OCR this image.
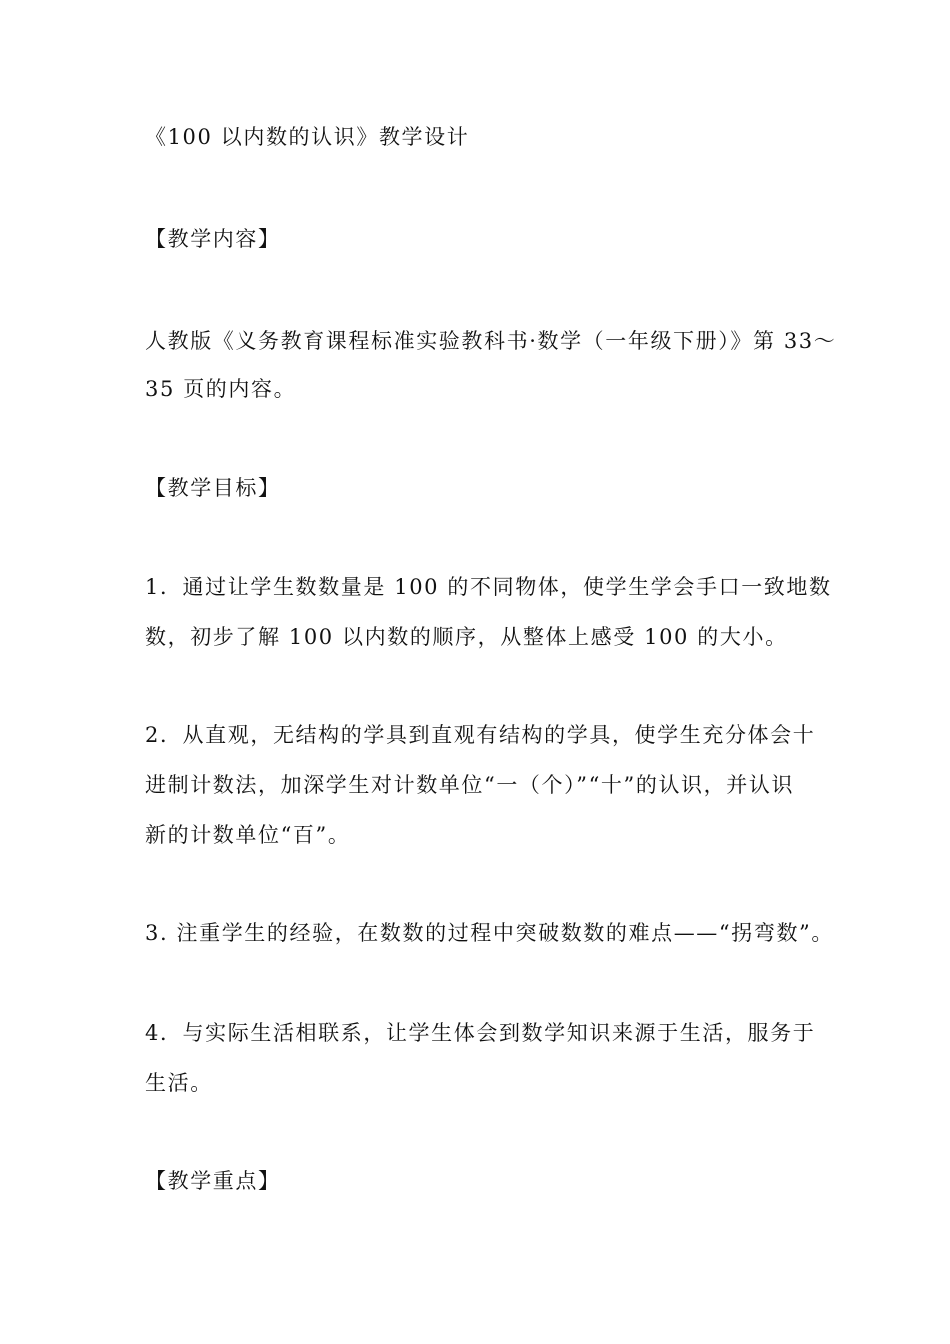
《100 以内数的认识》教学设计
【教学内容】
人教版《义务教育课程标准实验教科书·数学（一年级下册）》第 33～
35 页的内容。
【教学目标】
1．通过让学生数数量是 100 的不同物体，使学生学会手口一致地数
数，初步了解 100 以内数的顺序，从整体上感受 100 的大小。
2．从直观，无结构的学具到直观有结构的学具，使学生充分体会十
进制计数法，加深学生对计数单位“一（个）”“十”的认识，并认识
新的计数单位“百”。
3. 注重学生的经验，在数数的过程中突破数数的难点——“拐弯数”。
4．与实际生活相联系，让学生体会到数学知识来源于生活，服务于
生活。
【教学重点】
